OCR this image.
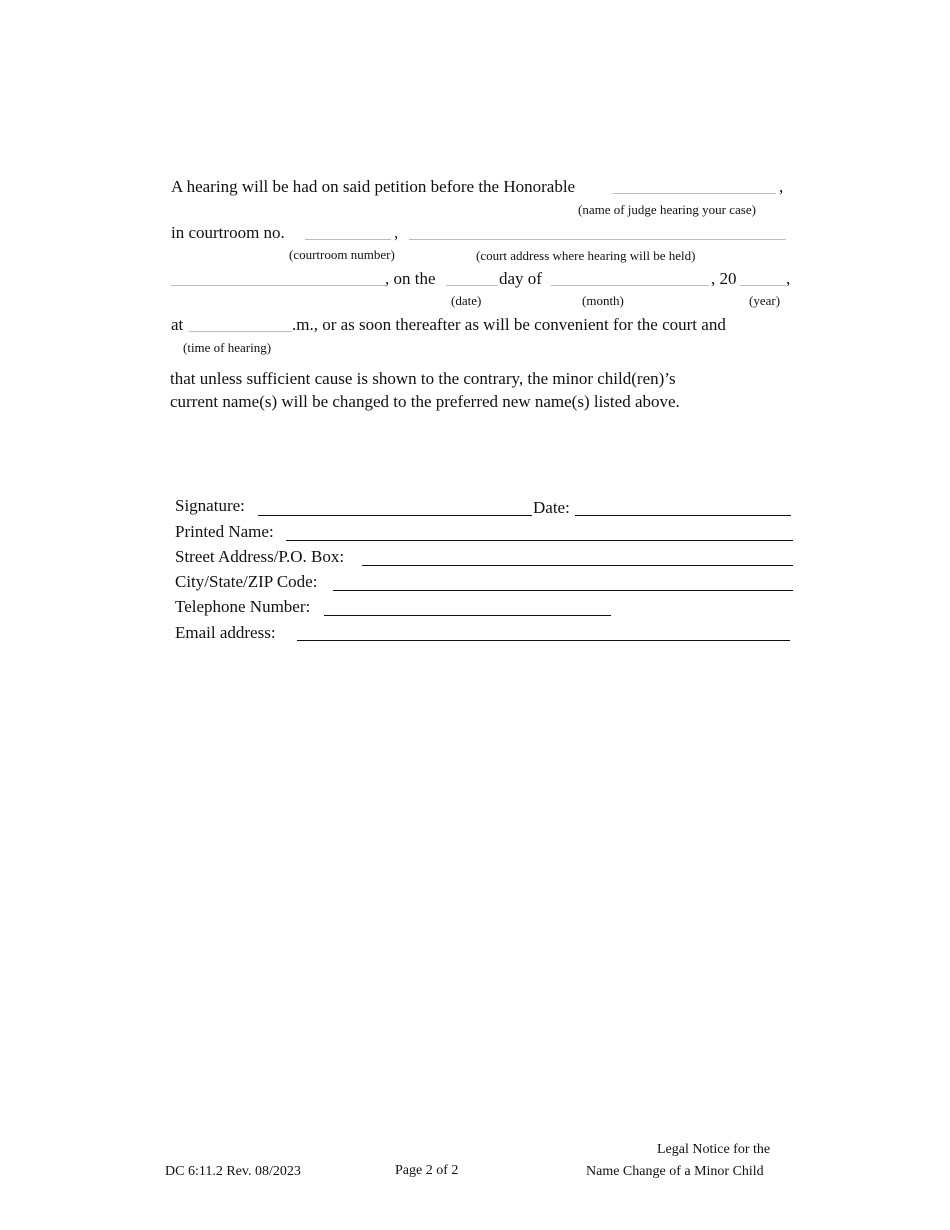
A hearing will be had on said petition before the Honorable	,
(name of judge hearing your case)
in courtroom no.	,
(courtroom number)	(court address where hearing will be held)
, on the	day of	, 20	,
(date)	(month)	(year)
at	.m., or as soon thereafter as will be convenient for the court and
(time of hearing)
that unless sufficient cause is shown to the contrary, the minor child(ren)’s
current name(s) will be changed to the preferred new name(s) listed above.
Signature:	Date:
Printed Name:
Street Address/P.O. Box:
City/State/ZIP Code:
Telephone Number:
Email address:
DC 6:11.2 Rev. 08/2023	Page 2 of 2
Legal Notice for the
Name Change of a Minor Child
